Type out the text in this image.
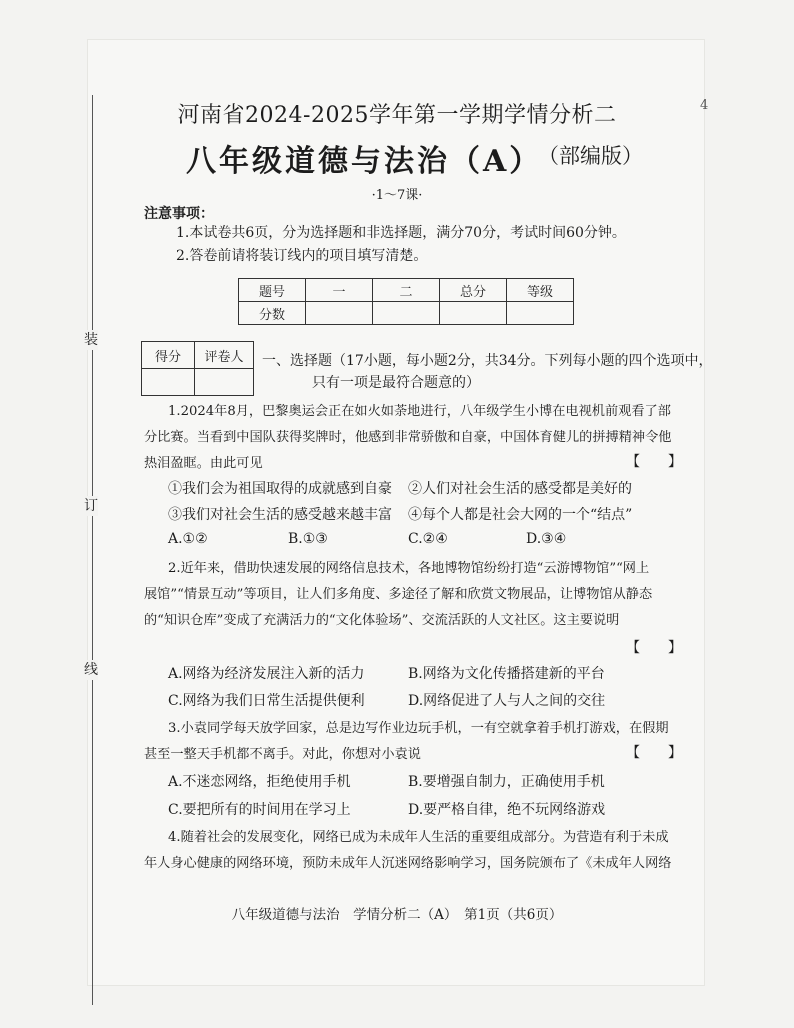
装
订
线
4
河南省2024-2025学年第一学期学情分析二
八年级道德与法治（A）
（部编版）
·1～7课·
注意事项：
1.本试卷共6页，分为选择题和非选择题，满分70分，考试时间60分钟。
2.答卷前请将装订线内的项目填写清楚。
题号	一	二	总分	等级
分数				
得分	评卷人
	一、选择题（17小题，每小题2分，共34分。下列每小题的四个选项中，
只有一项是最符合题意的）
1.2024年8月，巴黎奥运会正在如火如荼地进行，八年级学生小博在电视机前观看了部
分比赛。当看到中国队获得奖牌时，他感到非常骄傲和自豪，中国体育健儿的拼搏精神令他
热泪盈眶。由此可见	【　　】
①我们会为祖国取得的成就感到自豪 ②人们对社会生活的感受都是美好的
③我们对社会生活的感受越来越丰富 ④每个人都是社会大网的一个“结点”
A.①②	B.①③	C.②④	D.③④
2.近年来，借助快速发展的网络信息技术，各地博物馆纷纷打造“云游博物馆”“网上
展馆”“情景互动”等项目，让人们多角度、多途径了解和欣赏文物展品，让博物馆从静态
的“知识仓库”变成了充满活力的“文化体验场”、交流活跃的人文社区。这主要说明
【　　】
A.网络为经济发展注入新的活力	B.网络为文化传播搭建新的平台
C.网络为我们日常生活提供便利	D.网络促进了人与人之间的交往
3.小袁同学每天放学回家，总是边写作业边玩手机，一有空就拿着手机打游戏，在假期
甚至一整天手机都不离手。对此，你想对小袁说	【　　】
A.不迷恋网络，拒绝使用手机	B.要增强自制力，正确使用手机
C.要把所有的时间用在学习上	D.要严格自律，绝不玩网络游戏
4.随着社会的发展变化，网络已成为未成年人生活的重要组成部分。为营造有利于未成
年人身心健康的网络环境，预防未成年人沉迷网络影响学习，国务院颁布了《未成年人网络
八年级道德与法治　学情分析二（A）　第1页（共6页）
